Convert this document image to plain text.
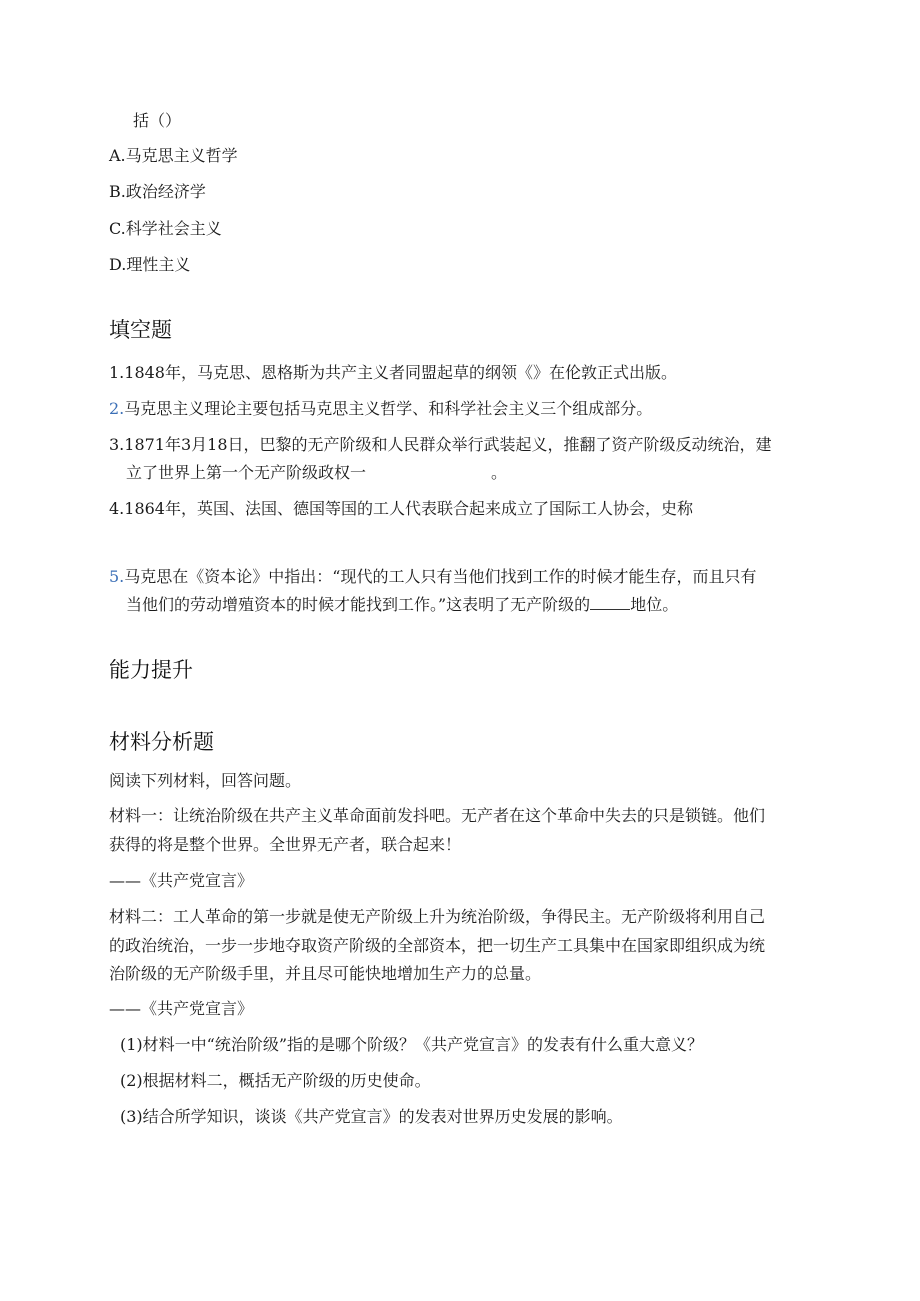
括（）
A.马克思主义哲学
B.政治经济学
C.科学社会主义
D.理性主义
填空题
1.1848年，马克思、恩格斯为共产主义者同盟起草的纲领《》在伦敦正式出版。
2.马克思主义理论主要包括马克思主义哲学、和科学社会主义三个组成部分。
3.1871年3月18日，巴黎的无产阶级和人民群众举行武装起义，推翻了资产阶级反动统治，建
立了世界上第一个无产阶级政权一	。
4.1864年，英国、法国、德国等国的工人代表联合起来成立了国际工人协会，史称
5.马克思在《资本论》中指出：“现代的工人只有当他们找到工作的时候才能生存，而且只有
当他们的劳动增殖资本的时候才能找到工作。”这表明了无产阶级的	地位。
能力提升
材料分析题
阅读下列材料，回答问题。
材料一：让统治阶级在共产主义革命面前发抖吧。无产者在这个革命中失去的只是锁链。他们
获得的将是整个世界。全世界无产者，联合起来！
——《共产党宣言》
材料二：工人革命的第一步就是使无产阶级上升为统治阶级，争得民主。无产阶级将利用自己
的政治统治，一步一步地夺取资产阶级的全部资本，把一切生产工具集中在国家即组织成为统
治阶级的无产阶级手里，并且尽可能快地增加生产力的总量。
——《共产党宣言》
(1)材料一中“统治阶级”指的是哪个阶级？《共产党宣言》的发表有什么重大意义？
(2)根据材料二，概括无产阶级的历史使命。
(3)结合所学知识，谈谈《共产党宣言》的发表对世界历史发展的影响。
